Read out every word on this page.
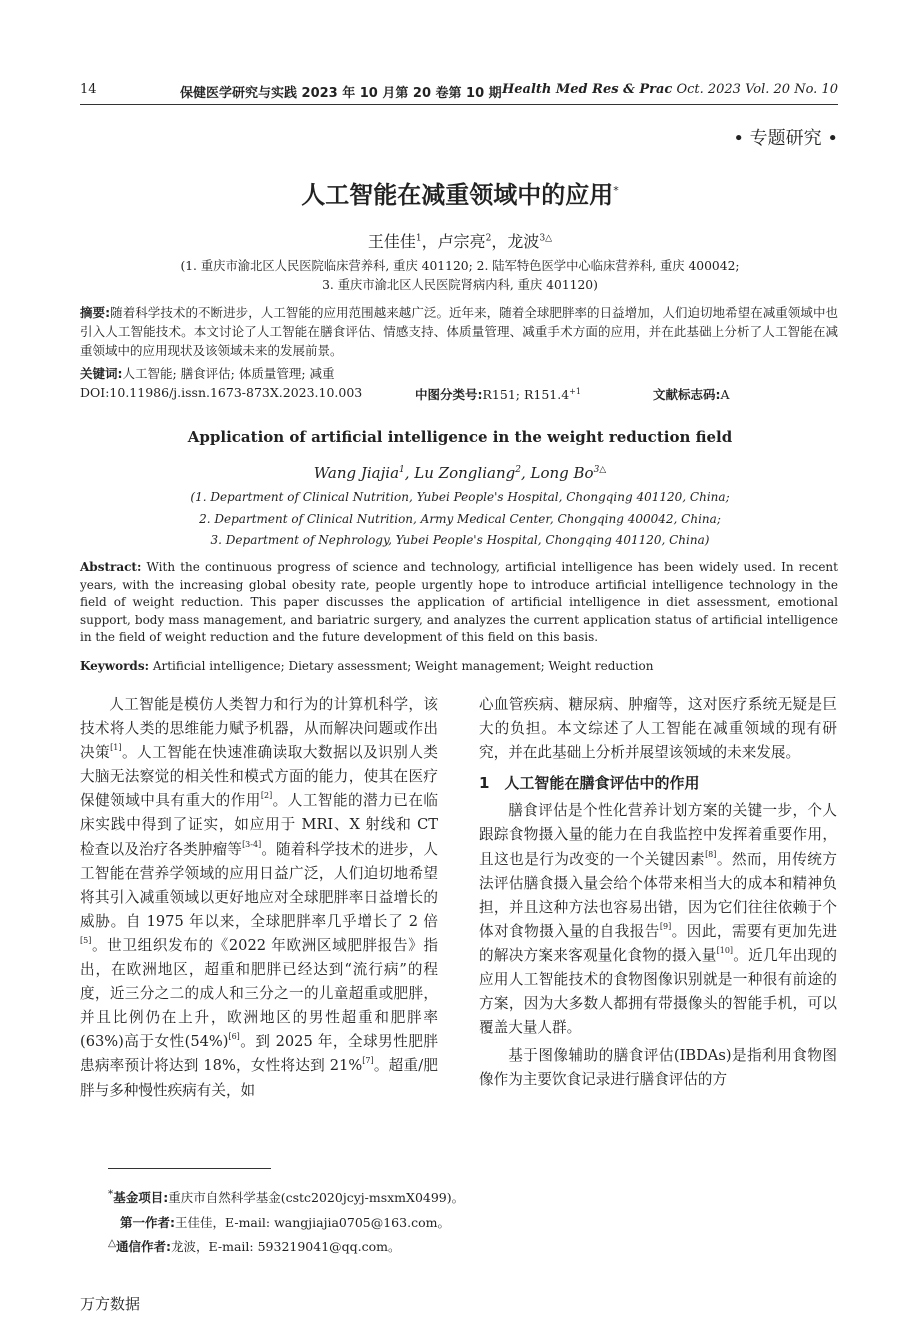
14	保健医学研究与实践 2023 年 10 月第 20 卷第 10 期 Health Med Res & Prac Oct. 2023 Vol. 20 No. 10
• 专题研究 •
人工智能在减重领域中的应用*
王佳佳$^1$，卢宗亮$^2$，龙波$^{3\triangle}$
(1. 重庆市渝北区人民医院临床营养科, 重庆 401120; 2. 陆军特色医学中心临床营养科, 重庆 400042;
3. 重庆市渝北区人民医院肾病内科, 重庆 401120)
摘要:随着科学技术的不断进步，人工智能的应用范围越来越广泛。近年来，随着全球肥胖率的日益增加，人们迫切地希望在减重领域中也引入人工智能技术。本文讨论了人工智能在膳食评估、情感支持、体质量管理、减重手术方面的应用，并在此基础上分析了人工智能在减重领域中的应用现状及该领域未来的发展前景。
关键词:人工智能; 膳食评估; 体质量管理; 减重
DOI:10.11986/j.issn.1673-873X.2023.10.003	中图分类号:R151; $R151.4^{+1}$	文献标志码:A
Application of artificial intelligence in the weight reduction field
Wang Jiajia$^1$, Lu Zongliang$^2$, Long $Bo^{3\triangle}$
(1. Department of Clinical Nutrition, Yubei People's Hospital, Chongqing 401120, China;
2. Department of Clinical Nutrition, Army Medical Center, Chongqing 400042, China;
3. Department of Nephrology, Yubei People's Hospital, Chongqing 401120, China)
Abstract: With the continuous progress of science and technology, artificial intelligence has been widely used. In recent years, with the increasing global obesity rate, people urgently hope to introduce artificial intelligence technology in the field of weight reduction. This paper discusses the application of artificial intelligence in diet assessment, emotional support, body mass management, and bariatric surgery, and analyzes the current application status of artificial intelligence in the field of weight reduction and the future development of this field on this basis.
Keywords: Artificial intelligence; Dietary assessment; Weight management; Weight reduction

人工智能是模仿人类智力和行为的计算机科学，该技术将人类的思维能力赋予机器，从而解决问题或作出决策[1]。人工智能在快速准确读取大数据以及识别人类大脑无法察觉的相关性和模式方面的能力，使其在医疗保健领域中具有重大的作用[2]。人工智能的潜力已在临床实践中得到了证实，如应用于 MRI、X 射线和 CT 检查以及治疗各类肿瘤等[3-4]。随着科学技术的进步，人工智能在营养学领域的应用日益广泛，人们迫切地希望将其引入减重领域以更好地应对全球肥胖率日益增长的威胁。自 1975 年以来，全球肥胖率几乎增长了 2 倍[5]。世卫组织发布的《2022 年欧洲区域肥胖报告》指出，在欧洲地区，超重和肥胖已经达到“流行病”的程度，近三分之二的成人和三分之一的儿童超重或肥胖，并且比例仍在上升，欧洲地区的男性超重和肥胖率(63%)高于女性(54%)[6]。到 2025 年，全球男性肥胖患病率预计将达到 18%，女性将达到 21%[7]。超重/肥胖与多种慢性疾病有关，如

心血管疾病、糖尿病、肿瘤等，这对医疗系统无疑是巨大的负担。本文综述了人工智能在减重领域的现有研究，并在此基础上分析并展望该领域的未来发展。

1　人工智能在膳食评估中的作用

膳食评估是个性化营养计划方案的关键一步，个人跟踪食物摄入量的能力在自我监控中发挥着重要作用，且这也是行为改变的一个关键因素[8]。然而，用传统方法评估膳食摄入量会给个体带来相当大的成本和精神负担，并且这种方法也容易出错，因为它们往往依赖于个体对食物摄入量的自我报告[9]。因此，需要有更加先进的解决方案来客观量化食物的摄入量[10]。近几年出现的应用人工智能技术的食物图像识别就是一种很有前途的方案，因为大多数人都拥有带摄像头的智能手机，可以覆盖大量人群。

基于图像辅助的膳食评估(IBDAs)是指利用食物图像作为主要饮食记录进行膳食评估的方

*基金项目:重庆市自然科学基金(cstc2020jcyj-msxmX0499)。
第一作者:王佳佳，E-mail: wangjiajia0705@163.com。
△通信作者:龙波，E-mail: 593219041@qq.com。
万方数据
